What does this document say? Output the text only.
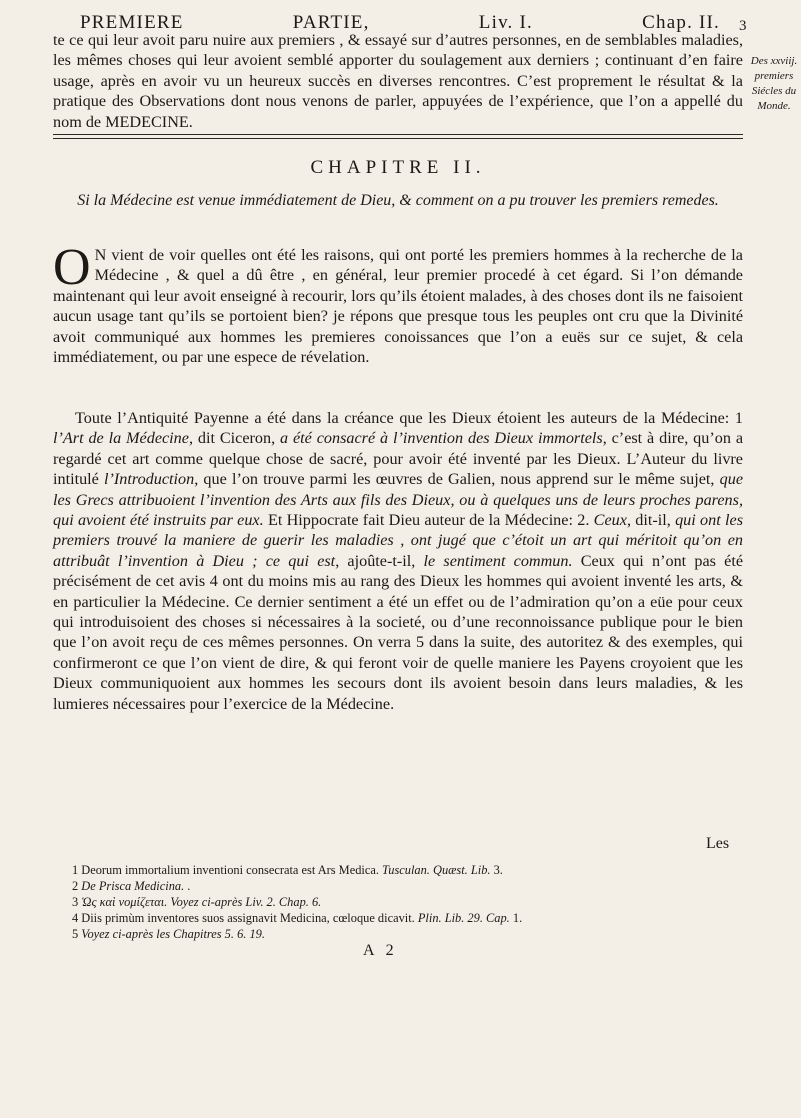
PREMIERE	PARTIE,	Liv. I.	Chap. II. 3

te ce qui leur avoit paru nuire aux premiers , & essayé sur d’autres personnes, en de semblables maladies, les mêmes choses qui leur avoient semblé apporter du soulagement aux derniers ; continuant d’en faire usage, après en avoir vu un heureux succès en diverses rencontres. C’est proprement le résultat & la pratique des Observations dont nous venons de parler, appuyées de l’expérience, que l’on a appellé du nom de MEDECINE.

Des xxviij. premiers Siécles du Monde.
CHAPITRE II.
Si la Médecine est venue immédiatement de Dieu, & comment on a pu trouver les premiers remedes.

O N vient de voir quelles ont été les raisons, qui ont porté les premiers hommes à la recherche de la Médecine , & quel a dû être , en général, leur premier procedé à cet égard. Si l’on démande maintenant qui leur avoit enseigné à recourir, lors qu’ils étoient malades, à des choses dont ils ne faisoient aucun usage tant qu’ils se portoient bien? je répons que presque tous les peuples ont cru que la Divinité avoit communiqué aux hommes les premieres conoissances que l’on a euës sur ce sujet, & cela immédiatement, ou par une espece de révelation.

Toute l’Antiquité Payenne a été dans la créance que les Dieux étoient les auteurs de la Médecine: 1 l’Art de la Médecine, dit Ciceron, a été consacré à l’invention des Dieux immortels, c’est à dire, qu’on a regardé cet art comme quelque chose de sacré, pour avoir été inventé par les Dieux. L’Auteur du livre intitulé l’Introduction, que l’on trouve parmi les œuvres de Galien, nous apprend sur le même sujet, que les Grecs attribuoient l’invention des Arts aux fils des Dieux, ou à quelques uns de leurs proches parens, qui avoient été instruits par eux. Et Hippocrate fait Dieu auteur de la Médecine: 2. Ceux, dit-il, qui ont les premiers trouvé la maniere de guerir les maladies , ont jugé que c’étoit un art qui méritoit qu’on en attribuât l’invention à Dieu ; ce qui est, ajoûte-t-il, le sentiment commun. Ceux qui n’ont pas été précisément de cet avis 4 ont du moins mis au rang des Dieux les hommes qui avoient inventé les arts, & en particulier la Médecine. Ce dernier sentiment a été un effet ou de l’admiration qu’on a eüe pour ceux qui introduisoient des choses si nécessaires à la societé, ou d’une reconnoissance publique pour le bien que l’on avoit reçu de ces mêmes personnes. On verra 5 dans la suite, des autoritez & des exemples, qui confirmeront ce que l’on vient de dire, & qui feront voir de quelle maniere les Payens croyoient que les Dieux communiquoient aux hommes les secours dont ils avoient besoin dans leurs maladies, & les lumieres nécessaires pour l’exercice de la Médecine.

Les
1 Deorum immortalium inventioni consecrata est Ars Medica. Tusculan. Quæst. Lib. 3.
2 De Prisca Medicina. .
3 Ὡς καὶ νομίζεται. Voyez ci-après Liv. 2. Chap. 6.
4 Diis primùm inventores suos assignavit Medicina, cœloque dicavit. Plin. Lib. 29. Cap. 1.
5 Voyez ci-après les Chapitres 5. 6. 19.
A 2
